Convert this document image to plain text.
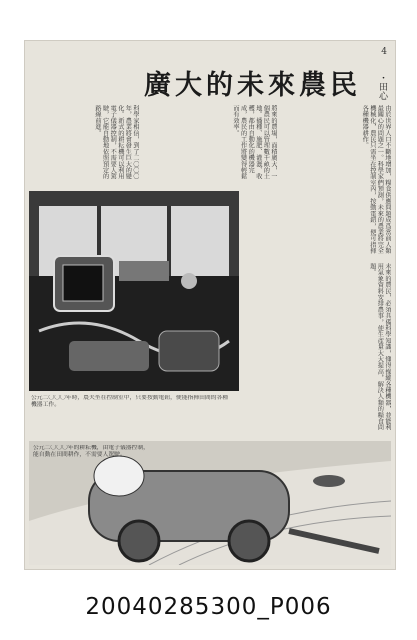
4
廣大的未來農民 ・田心
由於世界人口不斷地增加，糧食供應問題成爲當前人類最關心的問題之一。科學家們預測，未來的農業將完全機械化，農民只需坐在控制室內，按動電鈕，便可指揮各種機器耕作。
將來的農場，面積廣大，一個農民可以管理數千畝的土地。播種、施肥、灌漑、收穫，都由自動化的機器完成，農民的工作將變得輕鬆而有效率。
科學家相信，到了二〇〇〇年，農業將會發生巨大的變化。新式的耕耘機可以利用電子儀器控制，不需要人駕駛，它能自動地依照預定的路線前進。
未來的農民，必須具備科學知識，懂得操縱各種機器，並能利用氣象資料安排農事，使生產量大大提高，解決人類的糧食問題。
公元二〇〇〇年時，農夫坐在控制室中，只要按動電鈕，便能指揮田間的各種機器工作。
公元二〇〇〇年的耕耘機，由電子儀器控制，能自動在田間耕作，不需要人駕駛。
20040285300_P006
